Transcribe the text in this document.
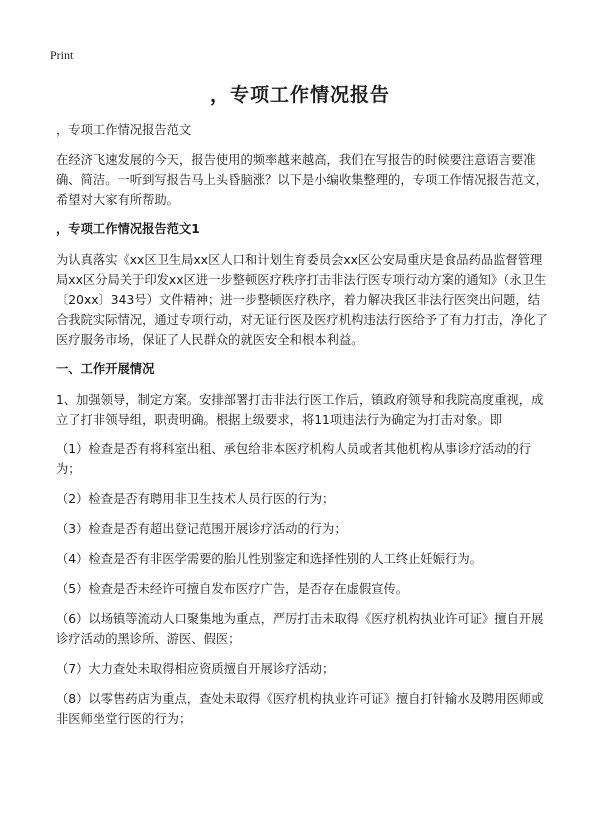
Print
，专项工作情况报告

，专项工作情况报告范文

在经济飞速发展的今天，报告使用的频率越来越高，我们在写报告的时候要注意语言要准确、简洁。一听到写报告马上头昏脑涨？以下是小编收集整理的，专项工作情况报告范文，希望对大家有所帮助。

，专项工作情况报告范文1

为认真落实《xx区卫生局xx区人口和计划生育委员会xx区公安局重庆是食品药品监督管理局xx区分局关于印发xx区进一步整顿医疗秩序打击非法行医专项行动方案的通知》（永卫生〔20xx〕343号）文件精神；进一步整顿医疗秩序，着力解决我区非法行医突出问题，结合我院实际情况，通过专项行动，对无证行医及医疗机构违法行医给予了有力打击，净化了医疗服务市场，保证了人民群众的就医安全和根本利益。

一、工作开展情况

1、加强领导，制定方案。安排部署打击非法行医工作后，镇政府领导和我院高度重视，成立了打非领导组，职责明确。根据上级要求，将11项违法行为确定为打击对象。即

（1）检查是否有将科室出租、承包给非本医疗机构人员或者其他机构从事诊疗活动的行为；

（2）检查是否有聘用非卫生技术人员行医的行为；

（3）检查是否有超出登记范围开展诊疗活动的行为；

（4）检查是否有非医学需要的胎儿性别鉴定和选择性别的人工终止妊娠行为。

（5）检查是否未经许可擅自发布医疗广告，是否存在虚假宣传。

（6）以场镇等流动人口聚集地为重点，严厉打击未取得《医疗机构执业许可证》擅自开展诊疗活动的黑诊所、游医、假医；

（7）大力查处未取得相应资质擅自开展诊疗活动；

（8）以零售药店为重点，查处未取得《医疗机构执业许可证》擅自打针输水及聘用医师或非医师坐堂行医的行为；
